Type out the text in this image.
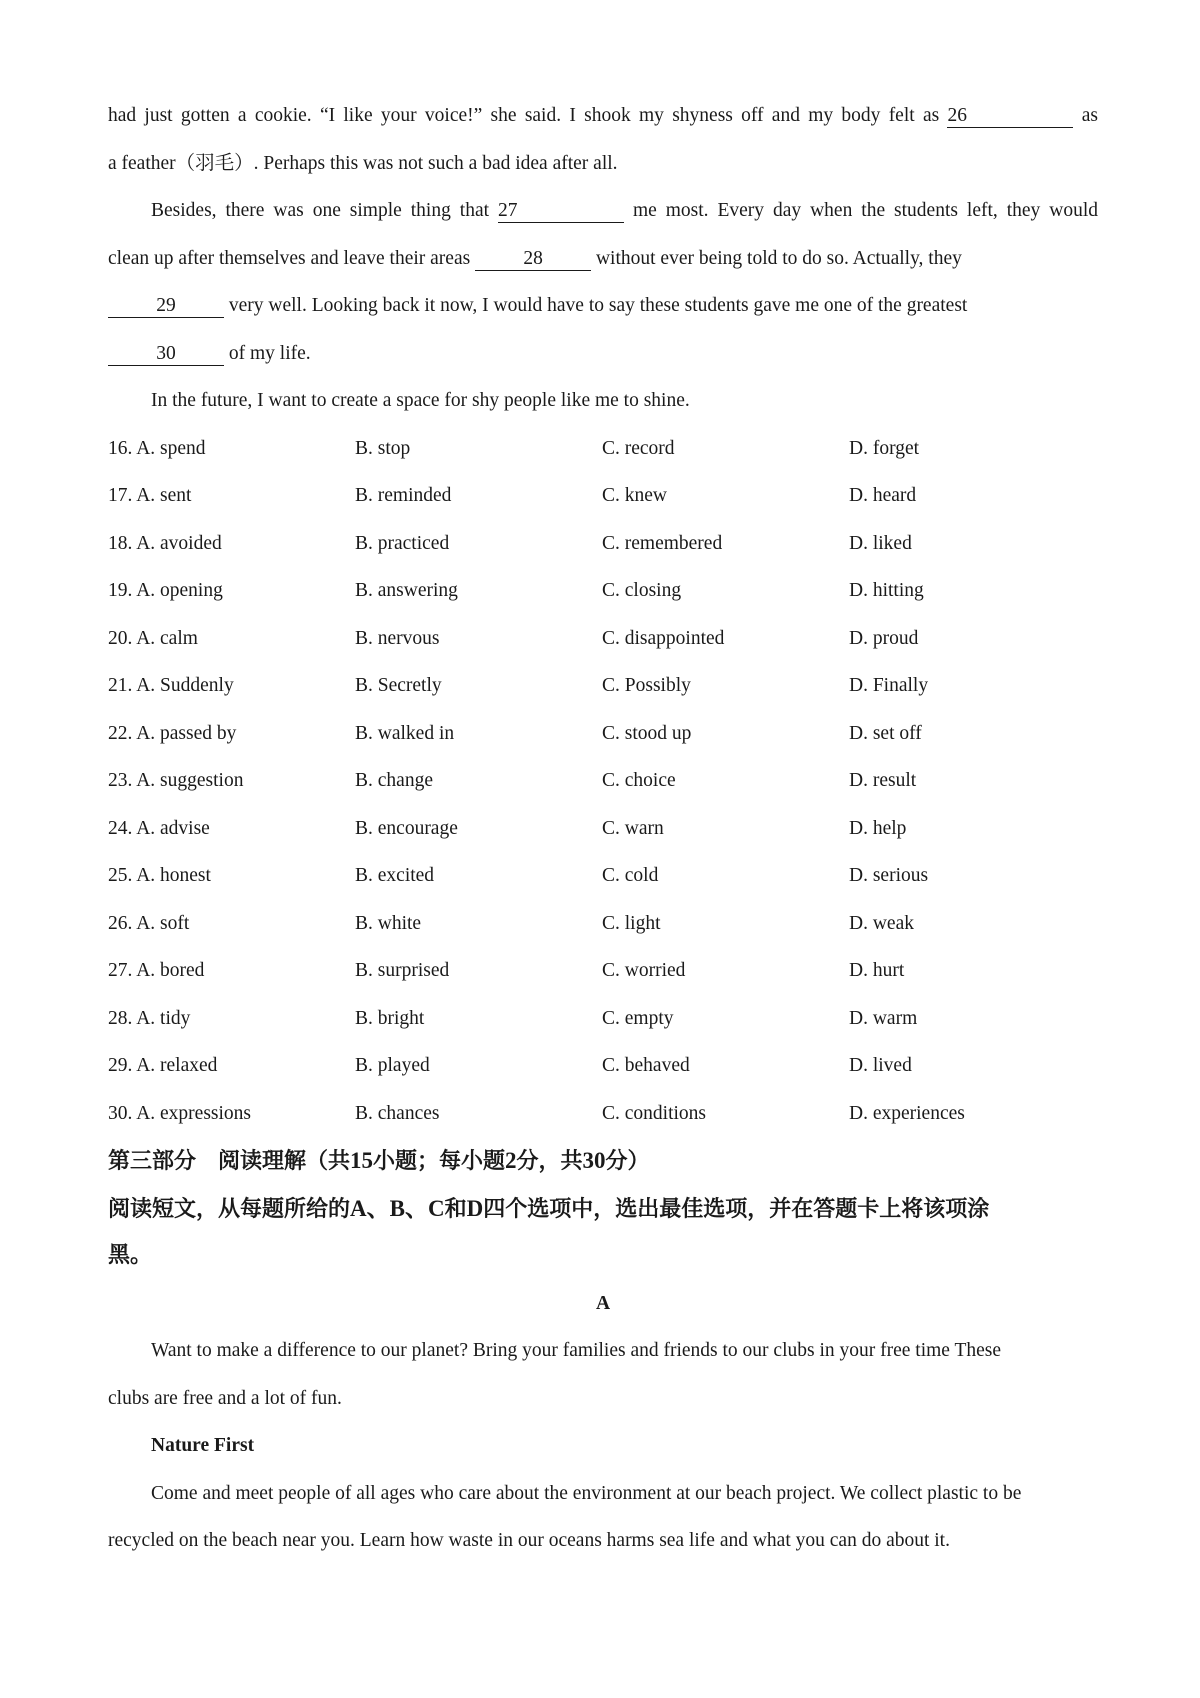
had just gotten a cookie. “I like your voice!” she said. I shook my shyness off and my body felt as 26	as
a feather（羽毛）. Perhaps this was not such a bad idea after all.
Besides, there was one simple thing that 27	me most. Every day when the students left, they would
clean up after themselves and leave their areas	28	without ever being told to do so. Actually, they
29	very well. Looking back it now, I would have to say these students gave me one of the greatest
30	of my life.
In the future, I want to create a space for shy people like me to shine.
16. A. spend	B. stop	C. record	D. forget
17. A. sent	B. reminded	C. knew	D. heard
18. A. avoided	B. practiced	C. remembered	D. liked
19. A. opening	B. answering	C. closing	D. hitting
20. A. calm	B. nervous	C. disappointed	D. proud
21. A. Suddenly	B. Secretly	C. Possibly	D. Finally
22. A. passed by	B. walked in	C. stood up	D. set off
23. A. suggestion	B. change	C. choice	D. result
24. A. advise	B. encourage	C. warn	D. help
25. A. honest	B. excited	C. cold	D. serious
26. A. soft	B. white	C. light	D. weak
27. A. bored	B. surprised	C. worried	D. hurt
28. A. tidy	B. bright	C. empty	D. warm
29. A. relaxed	B. played	C. behaved	D. lived
30. A. expressions	B. chances	C. conditions	D. experiences
第三部分　阅读理解（共15小题；每小题2分，共30分）
阅读短文，从每题所给的A、B、C和D四个选项中，选出最佳选项，并在答题卡上将该项涂
黑。
A
Want to make a difference to our planet? Bring your families and friends to our clubs in your free time These
clubs are free and a lot of fun.
Nature First
Come and meet people of all ages who care about the environment at our beach project. We collect plastic to be
recycled on the beach near you. Learn how waste in our oceans harms sea life and what you can do about it.
